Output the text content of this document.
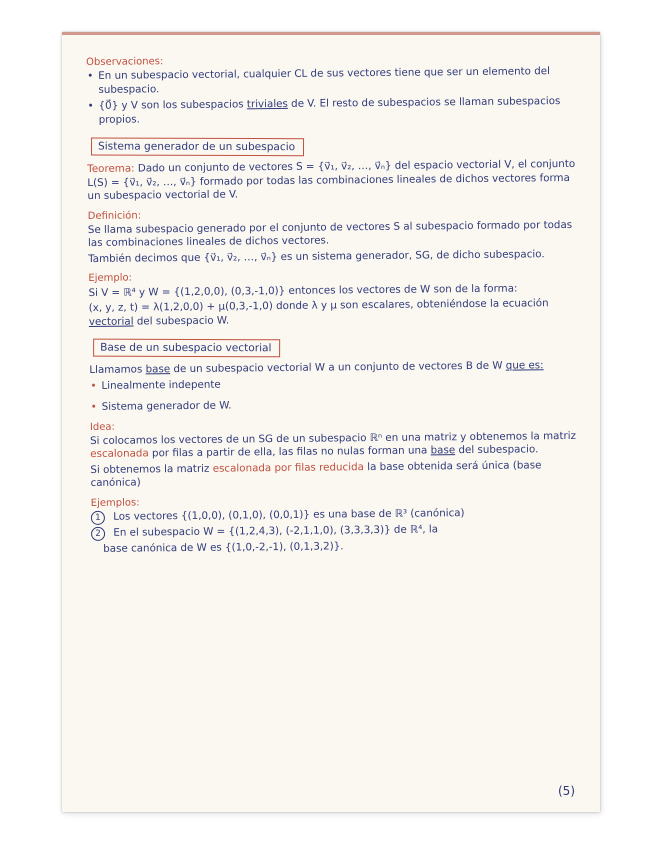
Observaciones:
• En un subespacio vectorial, cualquier CL de sus vectores tiene que ser un elemento del subespacio.
• {0⃗} y V son los subespacios triviales de V. El resto de subespacios se llaman subespacios propios.
Sistema generador de un subespacio
Teorema: Dado un conjunto de vectores S = {v⃗₁, v⃗₂, …, v⃗ₙ} del espacio vectorial V, el conjunto L(S) = {v⃗₁, v⃗₂, …, v⃗ₙ} formado por todas las combinaciones lineales de dichos vectores forma un subespacio vectorial de V.
Definición:
Se llama subespacio generado por el conjunto de vectores S al subespacio formado por todas las combinaciones lineales de dichos vectores.
También decimos que {v⃗₁, v⃗₂, …, v⃗ₙ} es un sistema generador, SG, de dicho subespacio.
Ejemplo:
Si V = ℝ⁴ y W = {(1,2,0,0), (0,3,-1,0)} entonces los vectores de W son de la forma:
(x, y, z, t) = λ(1,2,0,0) + μ(0,3,-1,0) donde λ y μ son escalares, obteniéndose la ecuación vectorial del subespacio W.
Base de un subespacio vectorial
Llamamos base de un subespacio vectorial W a un conjunto de vectores B de W que es:
• Linealmente indepente
• Sistema generador de W.
Idea:
Si colocamos los vectores de un SG de un subespacio ℝⁿ en una matriz y obtenemos la matriz escalonada por filas a partir de ella, las filas no nulas forman una base del subespacio.
Si obtenemos la matriz escalonada por filas reducida la base obtenida será única (base canónica)
Ejemplos:
1 Los vectores {(1,0,0), (0,1,0), (0,0,1)} es una base de ℝ³ (canónica)
2 En el subespacio W = {(1,2,4,3), (-2,1,1,0), (3,3,3,3)} de ℝ⁴, la
base canónica de W es {(1,0,-2,-1), (0,1,3,2)}.
(5)
